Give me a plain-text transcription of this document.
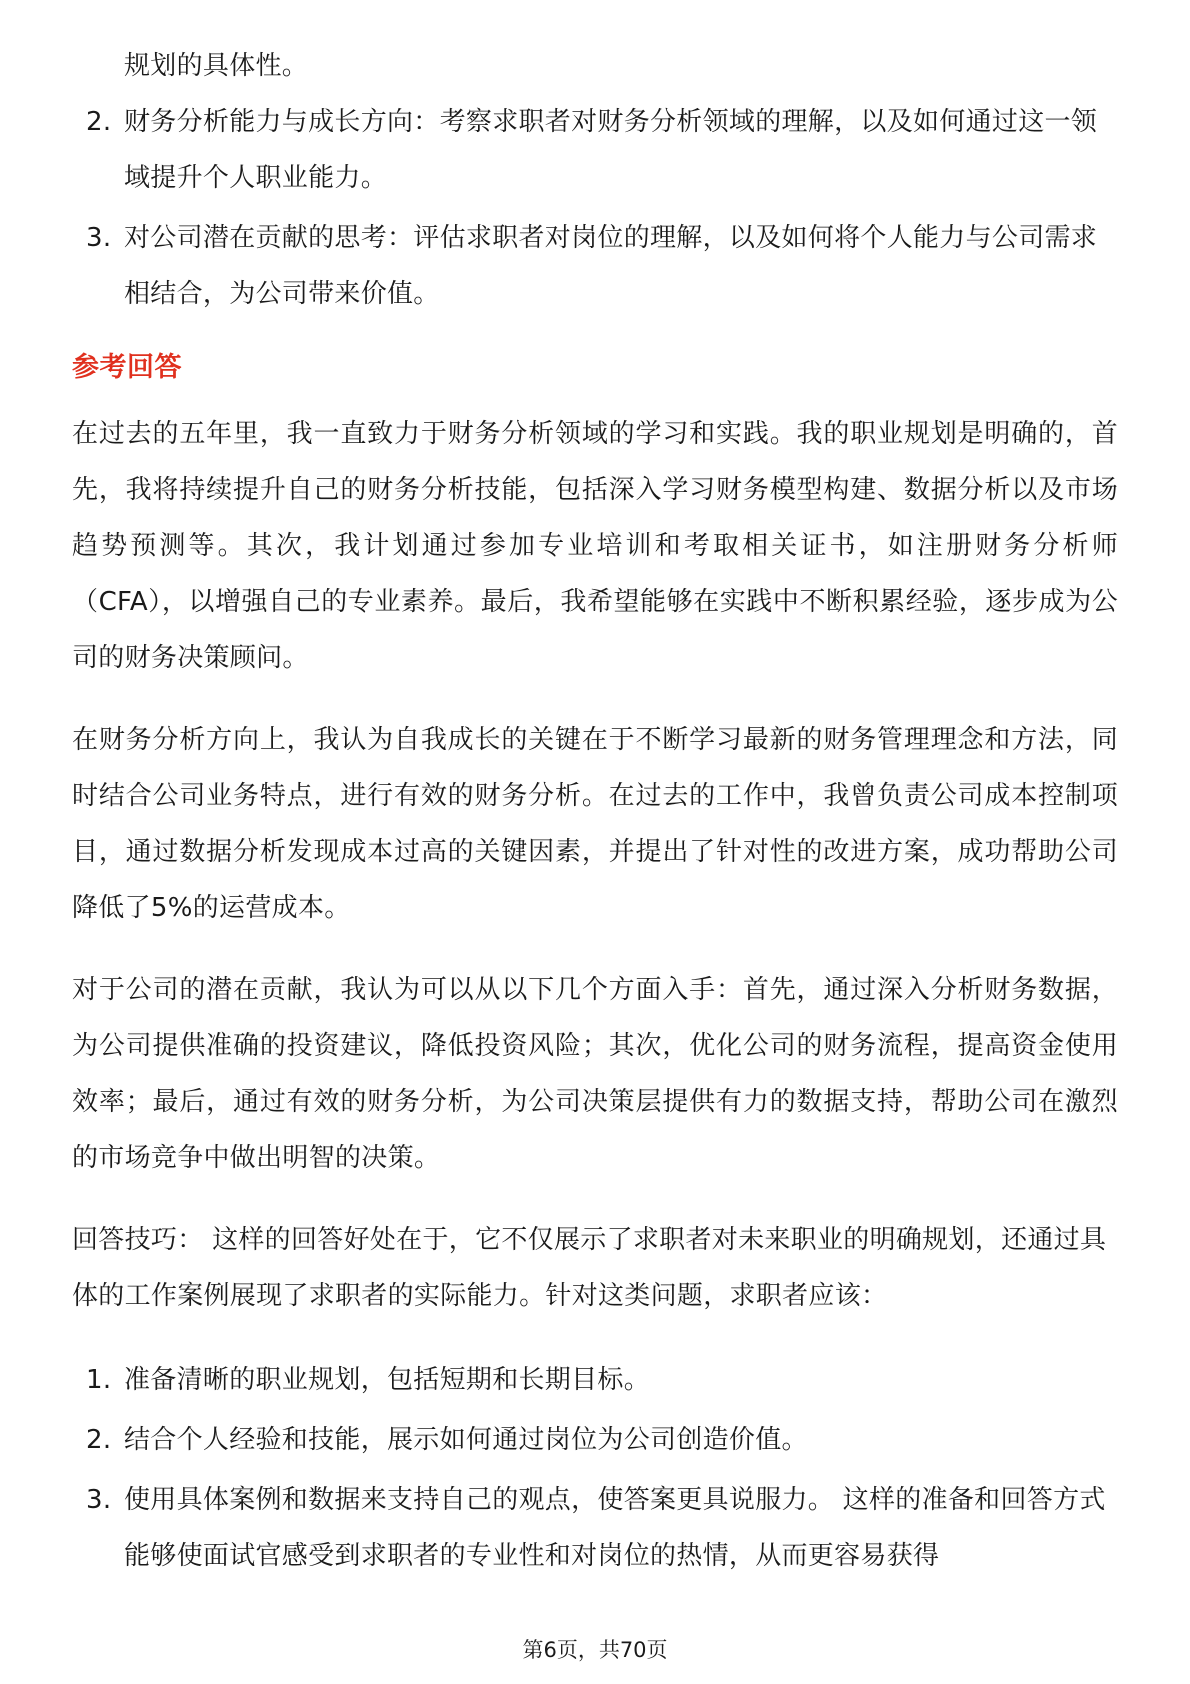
规划的具体性。

2. 财务分析能力与成长方向：考察求职者对财务分析领域的理解，以及如何通过这一领域提升个人职业能力。
3. 对公司潜在贡献的思考：评估求职者对岗位的理解，以及如何将个人能力与公司需求相结合，为公司带来价值。
参考回答

在过去的五年里，我一直致力于财务分析领域的学习和实践。我的职业规划是明确的，首先，我将持续提升自己的财务分析技能，包括深入学习财务模型构建、数据分析以及市场趋势预测等。其次，我计划通过参加专业培训和考取相关证书，如注册财务分析师（CFA），以增强自己的专业素养。最后，我希望能够在实践中不断积累经验，逐步成为公司的财务决策顾问。

在财务分析方向上，我认为自我成长的关键在于不断学习最新的财务管理理念和方法，同时结合公司业务特点，进行有效的财务分析。在过去的工作中，我曾负责公司成本控制项目，通过数据分析发现成本过高的关键因素，并提出了针对性的改进方案，成功帮助公司降低了5%的运营成本。

对于公司的潜在贡献，我认为可以从以下几个方面入手：首先，通过深入分析财务数据，为公司提供准确的投资建议，降低投资风险；其次，优化公司的财务流程，提高资金使用效率；最后，通过有效的财务分析，为公司决策层提供有力的数据支持，帮助公司在激烈的市场竞争中做出明智的决策。

回答技巧： 这样的回答好处在于，它不仅展示了求职者对未来职业的明确规划，还通过具体的工作案例展现了求职者的实际能力。针对这类问题，求职者应该：

1. 准备清晰的职业规划，包括短期和长期目标。
2. 结合个人经验和技能，展示如何通过岗位为公司创造价值。
3. 使用具体案例和数据来支持自己的观点，使答案更具说服力。 这样的准备和回答方式能够使面试官感受到求职者的专业性和对岗位的热情，从而更容易获得
第6页，共70页
